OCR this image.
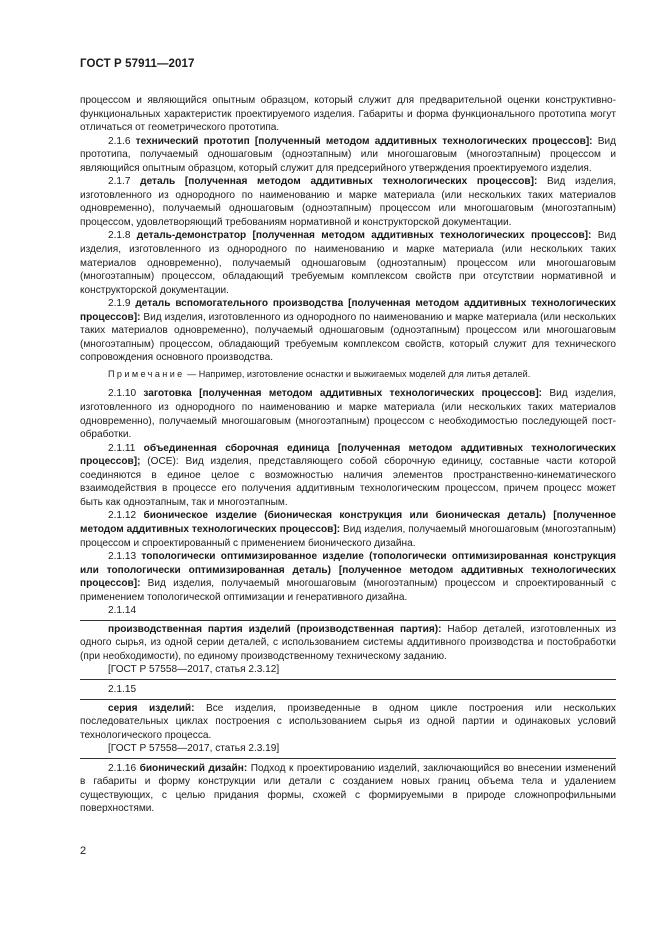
ГОСТ Р 57911—2017

процессом и являющийся опытным образцом, который служит для предварительной оценки конструктивно-функциональных характеристик проектируемого изделия. Габариты и форма функционального прототипа могут отличаться от геометрического прототипа.

2.1.6 технический прототип [полученный методом аддитивных технологических процессов]: Вид прототипа, получаемый одношаговым (одноэтапным) или многошаговым (многоэтапным) процессом и являющийся опытным образцом, который служит для предсерийного утверждения проектируемого изделия.

2.1.7 деталь [полученная методом аддитивных технологических процессов]: Вид изделия, изготовленного из однородного по наименованию и марке материала (или нескольких таких материалов одновременно), получаемый одношаговым (одноэтапным) процессом или многошаговым (многоэтапным) процессом, удовлетворяющий требованиям нормативной и конструкторской документации.

2.1.8 деталь-демонстратор [полученная методом аддитивных технологических процессов]: Вид изделия, изготовленного из однородного по наименованию и марке материала (или нескольких таких материалов одновременно), получаемый одношаговым (одноэтапным) процессом или многошаговым (многоэтапным) процессом, обладающий требуемым комплексом свойств при отсутствии нормативной и конструкторской документации.

2.1.9 деталь вспомогательного производства [полученная методом аддитивных технологических процессов]: Вид изделия, изготовленного из однородного по наименованию и марке материала (или нескольких таких материалов одновременно), получаемый одношаговым (одноэтапным) процессом или многошаговым (многоэтапным) процессом, обладающий требуемым комплексом свойств, который служит для технического сопровождения основного производства.

Примечание — Например, изготовление оснастки и выжигаемых моделей для литья деталей.

2.1.10 заготовка [полученная методом аддитивных технологических процессов]: Вид изделия, изготовленного из однородного по наименованию и марке материала (или нескольких таких материалов одновременно), получаемый многошаговым (многоэтапным) процессом с необходимостью последующей пост-обработки.

2.1.11 объединенная сборочная единица [полученная методом аддитивных технологических процессов]; (ОСЕ): Вид изделия, представляющего собой сборочную единицу, составные части которой соединяются в единое целое с возможностью наличия элементов пространственно-кинематического взаимодействия в процессе его получения аддитивным технологическим процессом, причем процесс может быть как одноэтапным, так и многоэтапным.

2.1.12 бионическое изделие (бионическая конструкция или бионическая деталь) [полученное методом аддитивных технологических процессов]: Вид изделия, получаемый многошаговым (многоэтапным) процессом и спроектированный с применением бионического дизайна.

2.1.13 топологически оптимизированное изделие (топологически оптимизированная конструкция или топологически оптимизированная деталь) [полученное методом аддитивных технологических процессов]: Вид изделия, получаемый многошаговым (многоэтапным) процессом и спроектированный с применением топологической оптимизации и генеративного дизайна.

2.1.14

производственная партия изделий (производственная партия): Набор деталей, изготовленных из одного сырья, из одной серии деталей, с использованием системы аддитивного производства и постобработки (при необходимости), по единому производственному техническому заданию.

[ГОСТ Р 57558—2017, статья 2.3.12]

2.1.15

серия изделий: Все изделия, произведенные в одном цикле построения или нескольких последовательных циклах построения с использованием сырья из одной партии и одинаковых условий технологического процесса.

[ГОСТ Р 57558—2017, статья 2.3.19]

2.1.16 бионический дизайн: Подход к проектированию изделий, заключающийся во внесении изменений в габариты и форму конструкции или детали с созданием новых границ объема тела и удалением существующих, с целью придания формы, схожей с формируемыми в природе сложнопрофильными поверхностями.

2
